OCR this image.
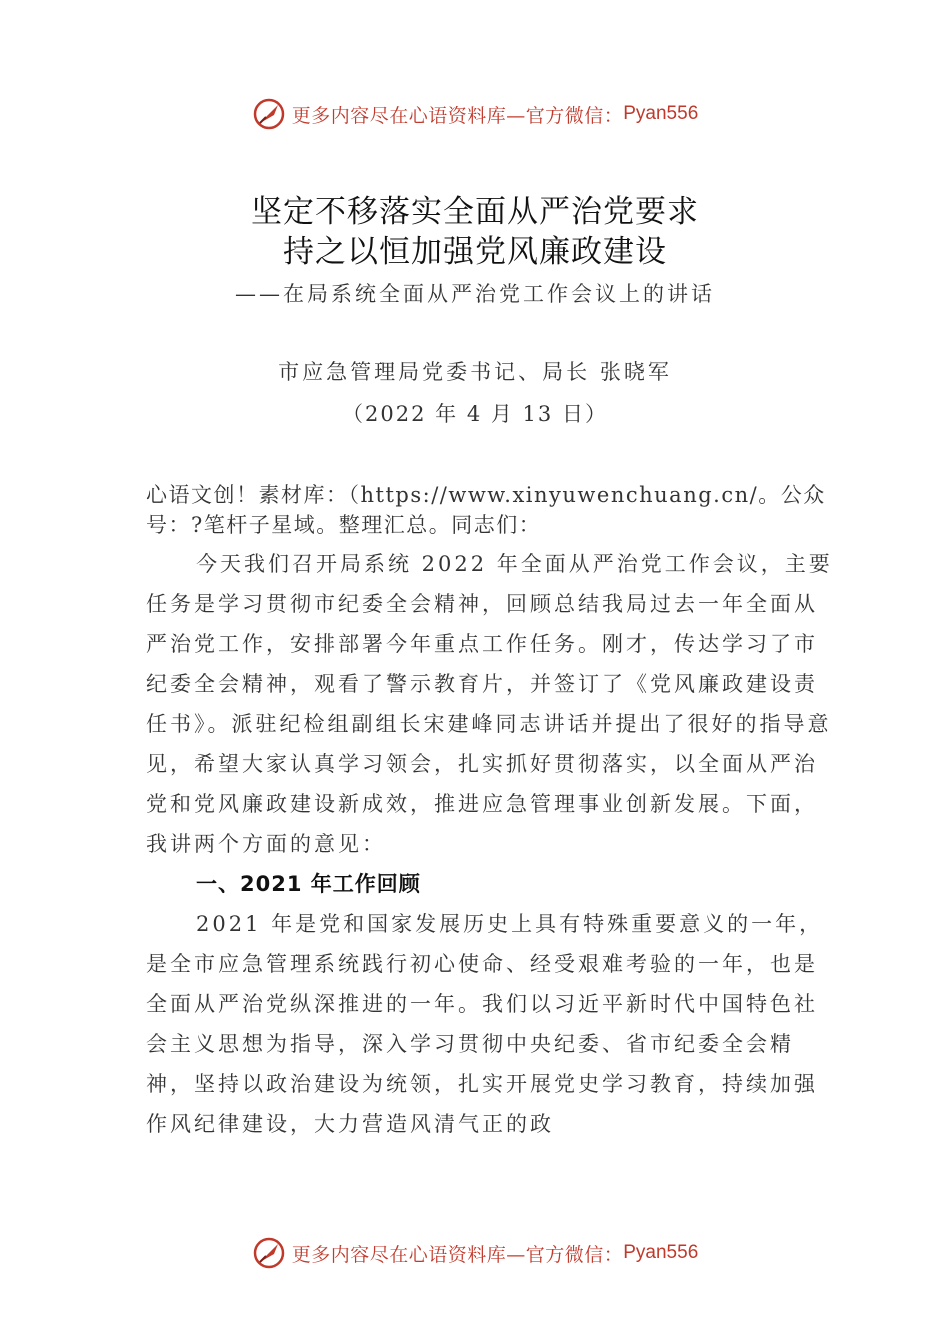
更多内容尽在心语资料库—官方微信： Pyan556
坚定不移落实全面从严治党要求
持之以恒加强党风廉政建设
——在局系统全面从严治党工作会议上的讲话
市应急管理局党委书记、局长 张晓军
（2022 年 4 月 13 日）
心语文创！素材库：（https://www.xinyuwenchuang.cn/。公众号：?笔杆子星域。整理汇总。同志们：

今天我们召开局系统 2022 年全面从严治党工作会议，主要任务是学习贯彻市纪委全会精神，回顾总结我局过去一年全面从严治党工作，安排部署今年重点工作任务。刚才，传达学习了市纪委全会精神，观看了警示教育片，并签订了《党风廉政建设责任书》。派驻纪检组副组长宋建峰同志讲话并提出了很好的指导意见，希望大家认真学习领会，扎实抓好贯彻落实，以全面从严治党和党风廉政建设新成效，推进应急管理事业创新发展。下面，我讲两个方面的意见：

一、2021 年工作回顾

2021 年是党和国家发展历史上具有特殊重要意义的一年，是全市应急管理系统践行初心使命、经受艰难考验的一年，也是全面从严治党纵深推进的一年。我们以习近平新时代中国特色社会主义思想为指导，深入学习贯彻中央纪委、省市纪委全会精神，坚持以政治建设为统领，扎实开展党史学习教育，持续加强作风纪律建设，大力营造风清气正的政

更多内容尽在心语资料库—官方微信： Pyan556
